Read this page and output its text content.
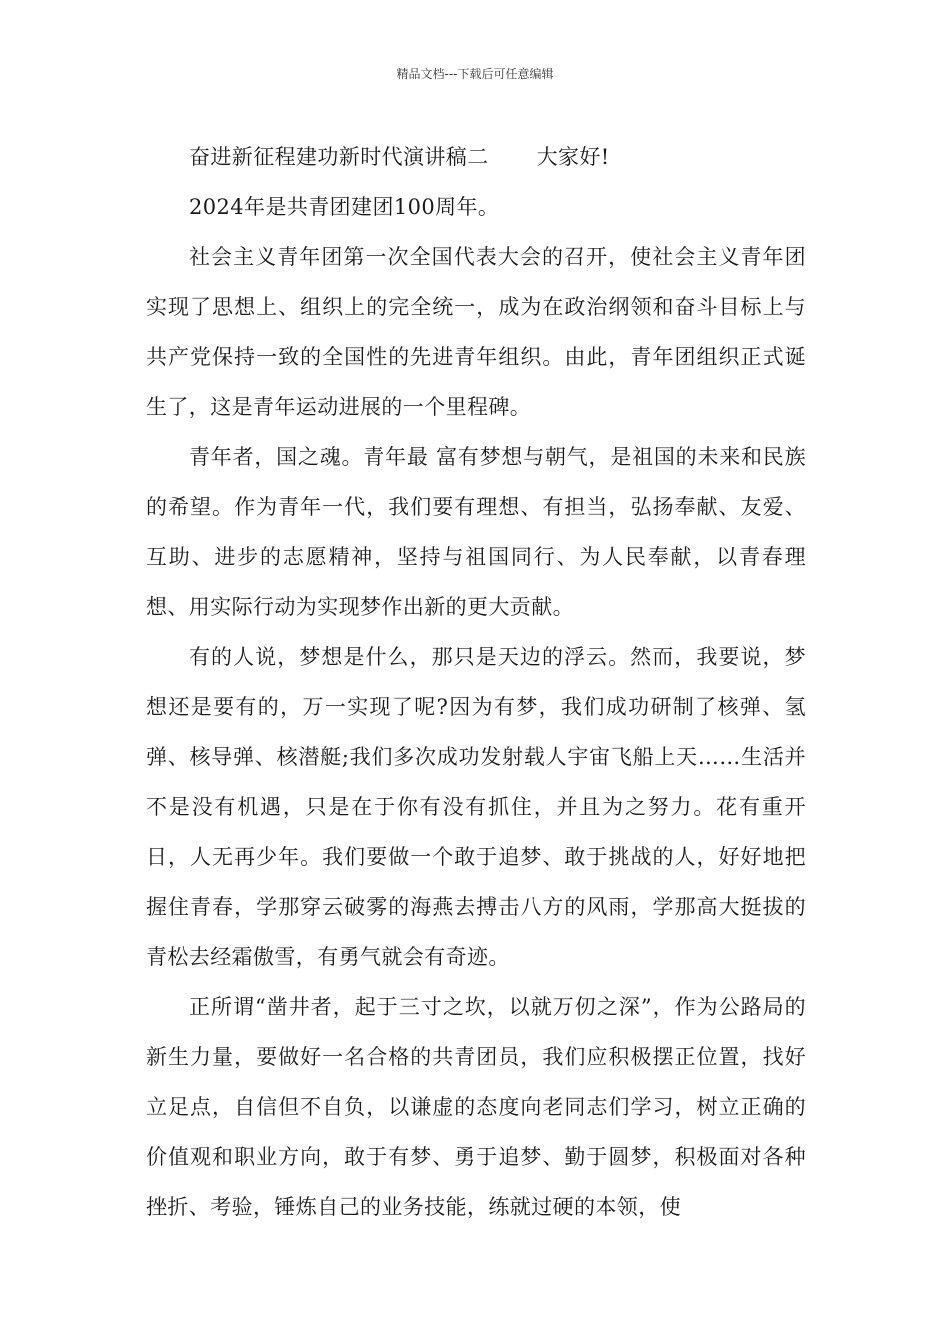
精品文档---下载后可任意编辑
奋进新征程建功新时代演讲稿二 大家好!

2024年是共青团建团100周年。

社会主义青年团第一次全国代表大会的召开，使社会主义青年团实现了思想上、组织上的完全统一，成为在政治纲领和奋斗目标上与共产党保持一致的全国性的先进青年组织。由此，青年团组织正式诞生了，这是青年运动进展的一个里程碑。

青年者，国之魂。青年最 富有梦想与朝气，是祖国的未来和民族的希望。作为青年一代，我们要有理想、有担当，弘扬奉献、友爱、互助、进步的志愿精神，坚持与祖国同行、为人民奉献，以青春理想、用实际行动为实现梦作出新的更大贡献。

有的人说，梦想是什么，那只是天边的浮云。然而，我要说，梦想还是要有的，万一实现了呢?因为有梦，我们成功研制了核弹、氢弹、核导弹、核潜艇;我们多次成功发射载人宇宙飞船上天……生活并不是没有机遇，只是在于你有没有抓住，并且为之努力。花有重开日，人无再少年。我们要做一个敢于追梦、敢于挑战的人，好好地把握住青春，学那穿云破雾的海燕去搏击八方的风雨，学那高大挺拔的青松去经霜傲雪，有勇气就会有奇迹。

正所谓“凿井者，起于三寸之坎，以就万仞之深”，作为公路局的新生力量，要做好一名合格的共青团员，我们应积极摆正位置，找好立足点，自信但不自负，以谦虚的态度向老同志们学习，树立正确的价值观和职业方向，敢于有梦、勇于追梦、勤于圆梦，积极面对各种挫折、考验，锤炼自己的业务技能，练就过硬的本领，使
